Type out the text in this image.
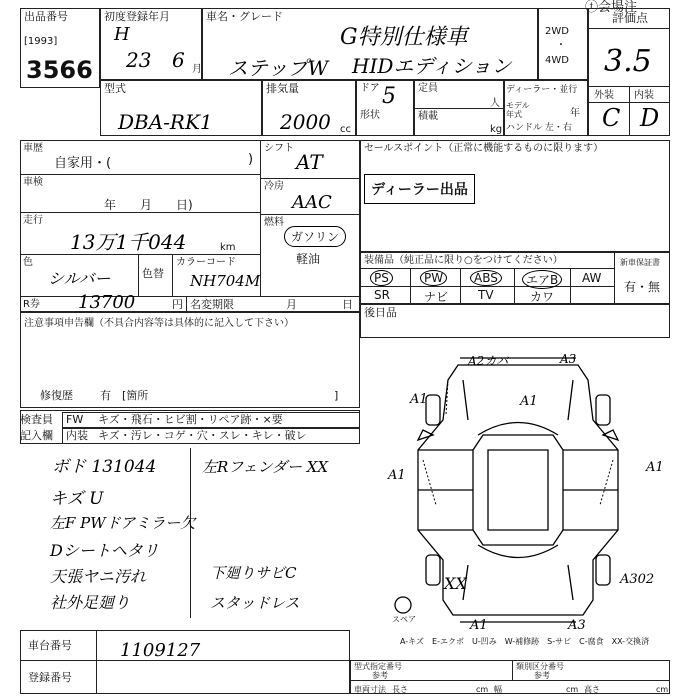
ⓣ会場注
出品番号
[1993]
3566
初度登録年月
H
23 6 月
車名・グレード
G特別仕様車
ステップW HIDエディション
2WD
・
4WD
評価点
3.5
外装 内装
C D
型式
DBA-RK1
排気量
2000 cc
ドア 5
形状
定員
人
積載
kg
ディーラー・並行
モデル年式	年
ハンドル 左・右
車歴
自家用・(	)
車検
年　　月　　日)
走行
13万1千044	km
色
シルバー	色替
カラーコード
NH704M
シフト
AT
冷房
AAC
燃料
ガソリン
軽油
R券 13700	円 名変期限	月	日
セールスポイント（正常に機能するものに限ります）
ディーラー出品
装備品（純正品に限り○をつけてください）	新車保証書
有・無
PS	PW	ABS	エアB	AW
SR	ナビ TV	カワ
注意事項申告欄（不具合内容等は具体的に記入して下さい）
修復歴 有　[箇所	]
後日品
検査員
記入欄
FW キズ・飛石・ヒビ割・リペア跡・×要
内装 キズ・汚レ・コゲ・穴・スレ・キレ・破レ
ボド 131044
キズ U
左F PWドアミラー欠
Dシートヘタリ
天張ヤニ汚れ
社外足廻り
左Rフェンダー XX
下廻りサビC
スタッドレス
A2カバ	A3
A1	A1
A1
A1
XX	A302
A1	A3
スペア
A-キズ　E-エクボ　U-凹み　W-補修跡　S-サビ　C-腐食　XX-交換済
車台番号	1109127
登録番号
型式指定番号
参考
類別区分番号
参考
車両寸法 長さ	cm 幅	cm 高さ	cm
